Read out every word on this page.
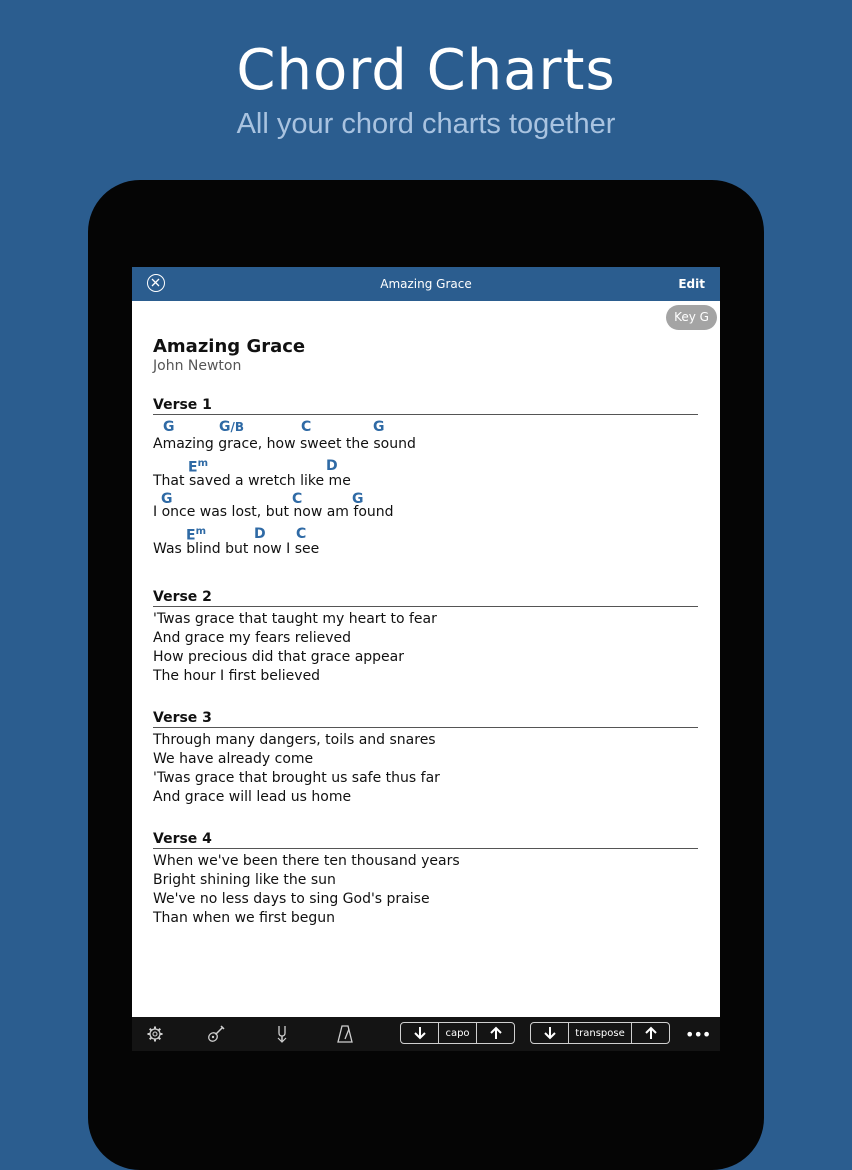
Chord Charts
All your chord charts together
Amazing Grace	Edit
Key G
Amazing Grace
John Newton
Verse 1
G	G/B	C	G
Amazing grace, how sweet the sound
$E^m$	D
That saved a wretch like me
G	C	G
I once was lost, but now am found
$E^m$	D C
Was blind but now I see
Verse 2
'Twas grace that taught my heart to fear
And grace my fears relieved
How precious did that grace appear
The hour I first believed
Verse 3
Through many dangers, toils and snares
We have already come
'Twas grace that brought us safe thus far
And grace will lead us home
Verse 4
When we've been there ten thousand years
Bright shining like the sun
We've no less days to sing God's praise
Than when we first begun
capo	transpose	•••
